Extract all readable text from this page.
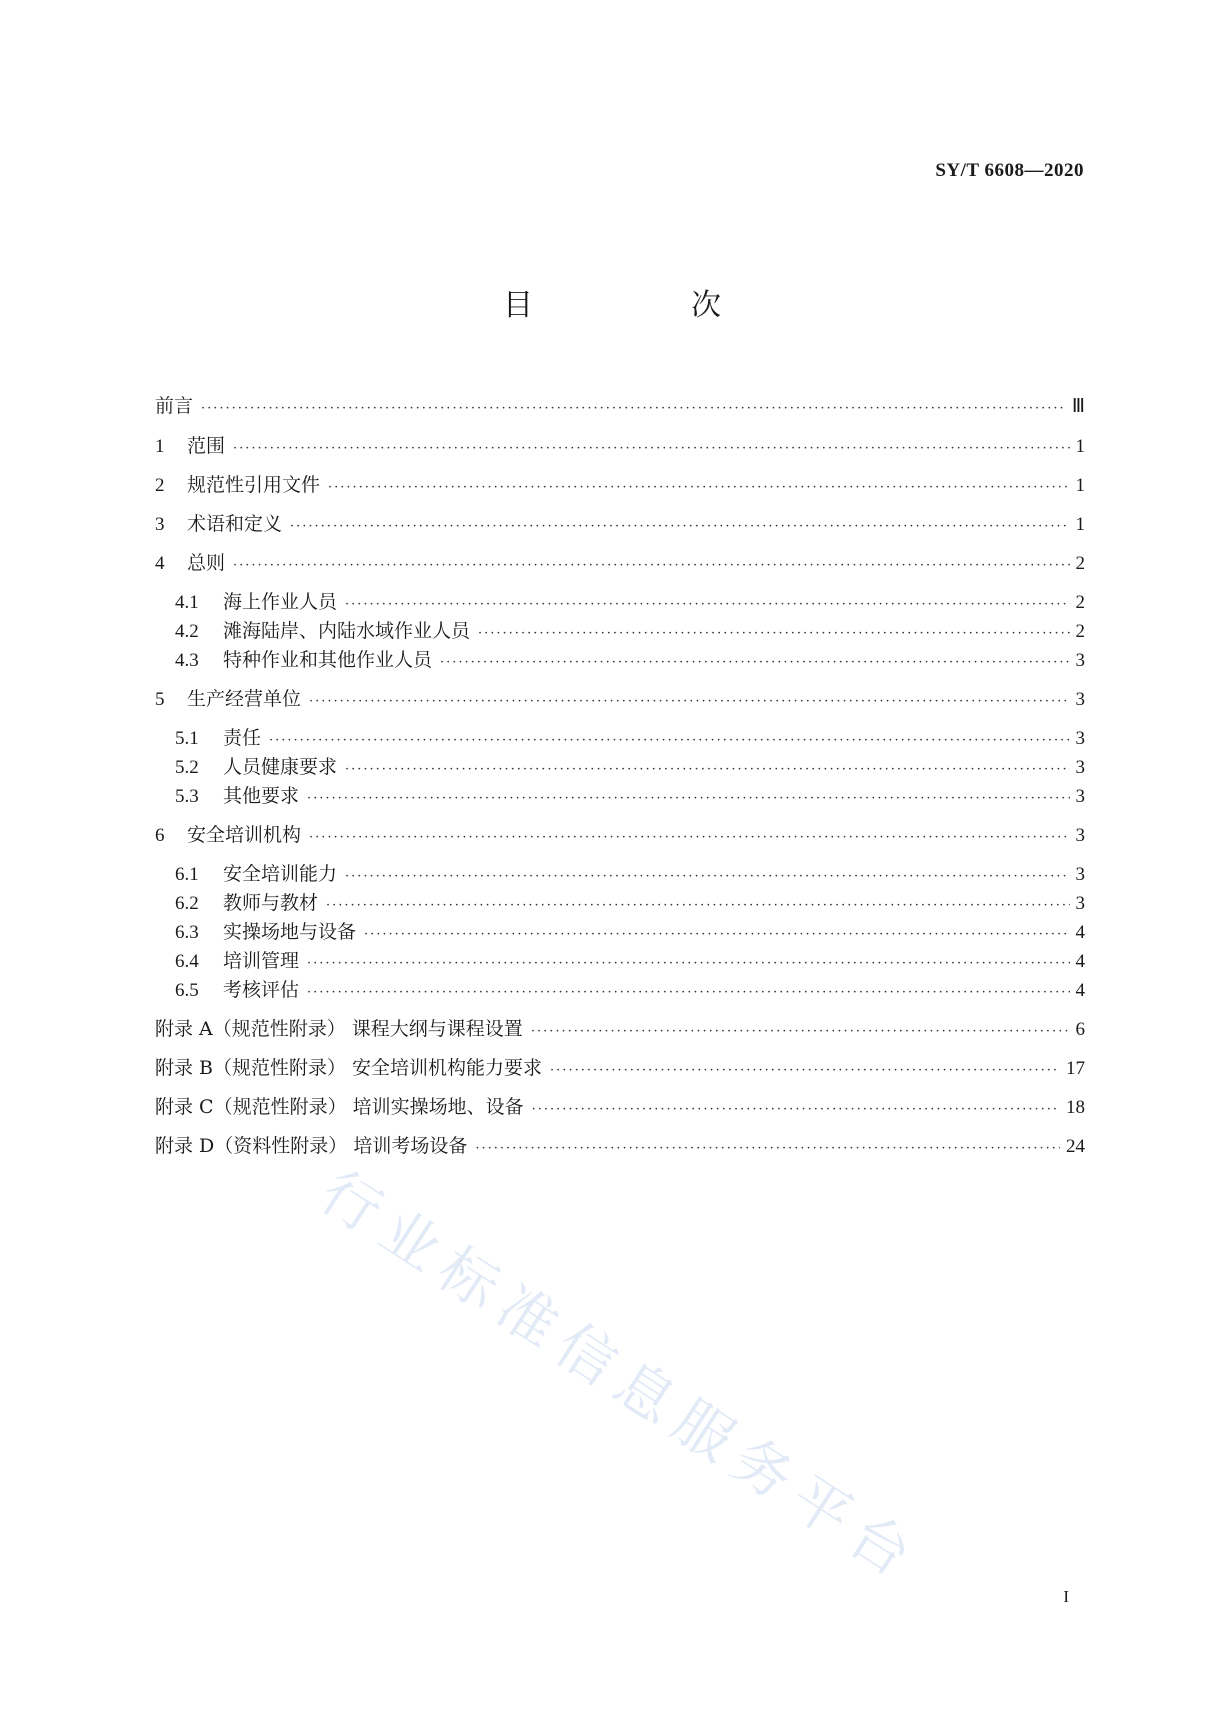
SY/T 6608—2020
目　次
前言 ·····	Ⅲ
1	范围 ·····	1
2	规范性引用文件 ·····	1
3	术语和定义 ·····	1
4	总则 ·····	2
4.1	海上作业人员 ·····	2
4.2	滩海陆岸、内陆水域作业人员 ·····	2
4.3	特种作业和其他作业人员 ·····	3
5	生产经营单位 ·····	3
5.1	责任 ·····	3
5.2	人员健康要求 ·····	3
5.3	其他要求 ·····	3
6	安全培训机构 ·····	3
6.1	安全培训能力 ·····	3
6.2	教师与教材 ·····	3
6.3	实操场地与设备 ·····	4
6.4	培训管理 ·····	4
6.5	考核评估 ·····	4
附录 A（规范性附录） 课程大纲与课程设置 ·····	6
附录 B（规范性附录） 安全培训机构能力要求 ·····	17
附录 C（规范性附录） 培训实操场地、设备 ·····	18
附录 D（资料性附录） 培训考场设备 ·····	24
行业标准信息服务平台
I
